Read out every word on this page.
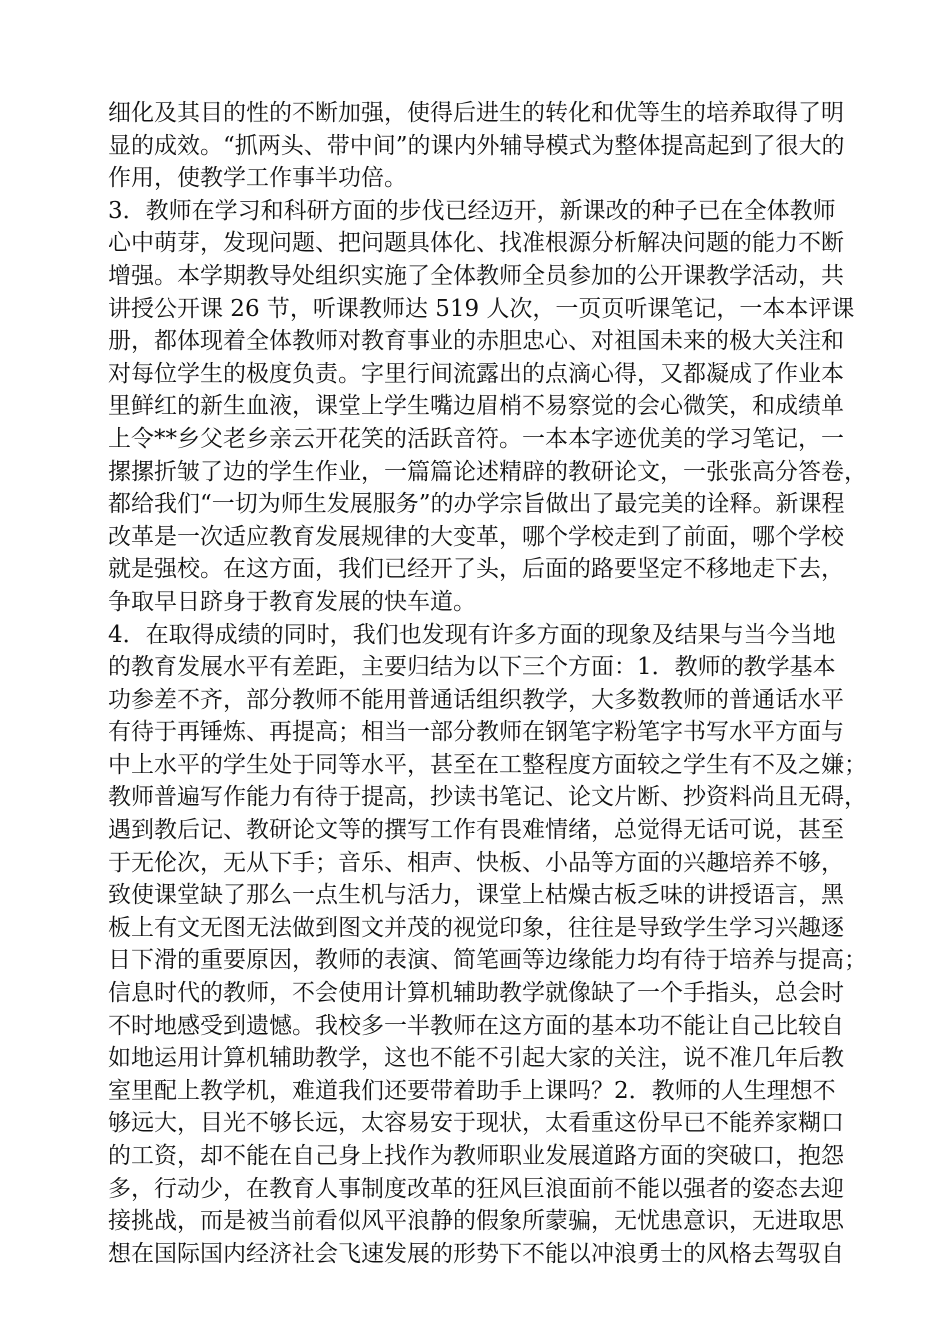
细化及其目的性的不断加强，使得后进生的转化和优等生的培养取得了明
显的成效。“抓两头、带中间”的课内外辅导模式为整体提高起到了很大的
作用，使教学工作事半功倍。
3．教师在学习和科研方面的步伐已经迈开，新课改的种子已在全体教师
心中萌芽，发现问题、把问题具体化、找准根源分析解决问题的能力不断
增强。本学期教导处组织实施了全体教师全员参加的公开课教学活动，共
讲授公开课 26 节，听课教师达 519 人次，一页页听课笔记，一本本评课
册，都体现着全体教师对教育事业的赤胆忠心、对祖国未来的极大关注和
对每位学生的极度负责。字里行间流露出的点滴心得，又都凝成了作业本
里鲜红的新生血液，课堂上学生嘴边眉梢不易察觉的会心微笑，和成绩单
上令**乡父老乡亲云开花笑的活跃音符。一本本字迹优美的学习笔记，一
摞摞折皱了边的学生作业，一篇篇论述精辟的教研论文，一张张高分答卷，
都给我们“一切为师生发展服务”的办学宗旨做出了最完美的诠释。新课程
改革是一次适应教育发展规律的大变革，哪个学校走到了前面，哪个学校
就是强校。在这方面，我们已经开了头，后面的路要坚定不移地走下去，
争取早日跻身于教育发展的快车道。
4．在取得成绩的同时，我们也发现有许多方面的现象及结果与当今当地
的教育发展水平有差距，主要归结为以下三个方面：1．教师的教学基本
功参差不齐，部分教师不能用普通话组织教学，大多数教师的普通话水平
有待于再锤炼、再提高；相当一部分教师在钢笔字粉笔字书写水平方面与
中上水平的学生处于同等水平，甚至在工整程度方面较之学生有不及之嫌；
教师普遍写作能力有待于提高，抄读书笔记、论文片断、抄资料尚且无碍，
遇到教后记、教研论文等的撰写工作有畏难情绪，总觉得无话可说，甚至
于无伦次，无从下手；音乐、相声、快板、小品等方面的兴趣培养不够，
致使课堂缺了那么一点生机与活力，课堂上枯燥古板乏味的讲授语言，黑
板上有文无图无法做到图文并茂的视觉印象，往往是导致学生学习兴趣逐
日下滑的重要原因，教师的表演、简笔画等边缘能力均有待于培养与提高；
信息时代的教师，不会使用计算机辅助教学就像缺了一个手指头，总会时
不时地感受到遗憾。我校多一半教师在这方面的基本功不能让自己比较自
如地运用计算机辅助教学，这也不能不引起大家的关注，说不准几年后教
室里配上教学机，难道我们还要带着助手上课吗？2．教师的人生理想不
够远大，目光不够长远，太容易安于现状，太看重这份早已不能养家糊口
的工资，却不能在自己身上找作为教师职业发展道路方面的突破口，抱怨
多，行动少，在教育人事制度改革的狂风巨浪面前不能以强者的姿态去迎
接挑战，而是被当前看似风平浪静的假象所蒙骗，无忧患意识，无进取思
想在国际国内经济社会飞速发展的形势下不能以冲浪勇士的风格去驾驭自
